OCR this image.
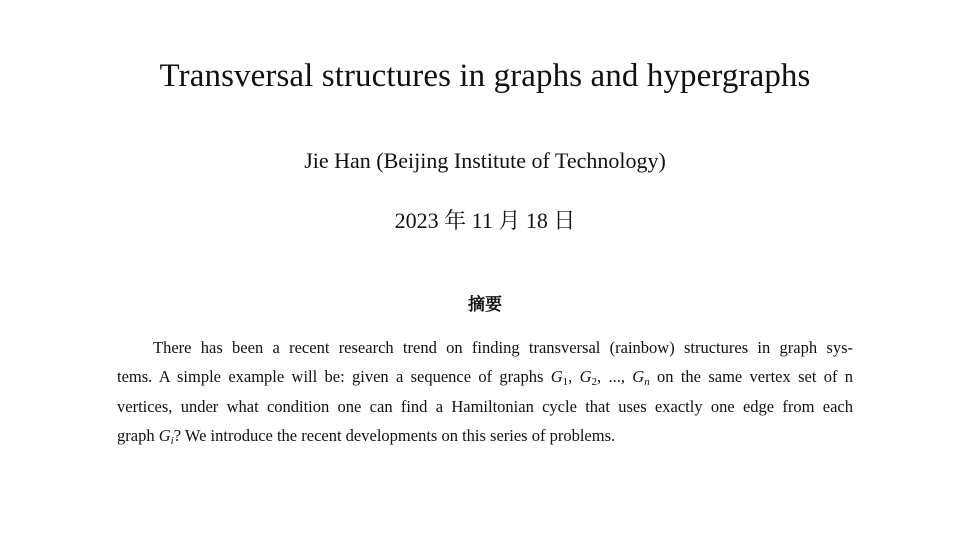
Transversal structures in graphs and hypergraphs
Jie Han (Beijing Institute of Technology)
2023 年 11 月 18 日
摘要
There has been a recent research trend on finding transversal (rainbow) structures in graph sys-
tems. A simple example will be: given a sequence of graphs $G_1$, $G_2$, ..., $G_n$ on the same vertex set of n
vertices, under what condition one can find a Hamiltonian cycle that uses exactly one edge from each
graph $G_i$? We introduce the recent developments on this series of problems.
